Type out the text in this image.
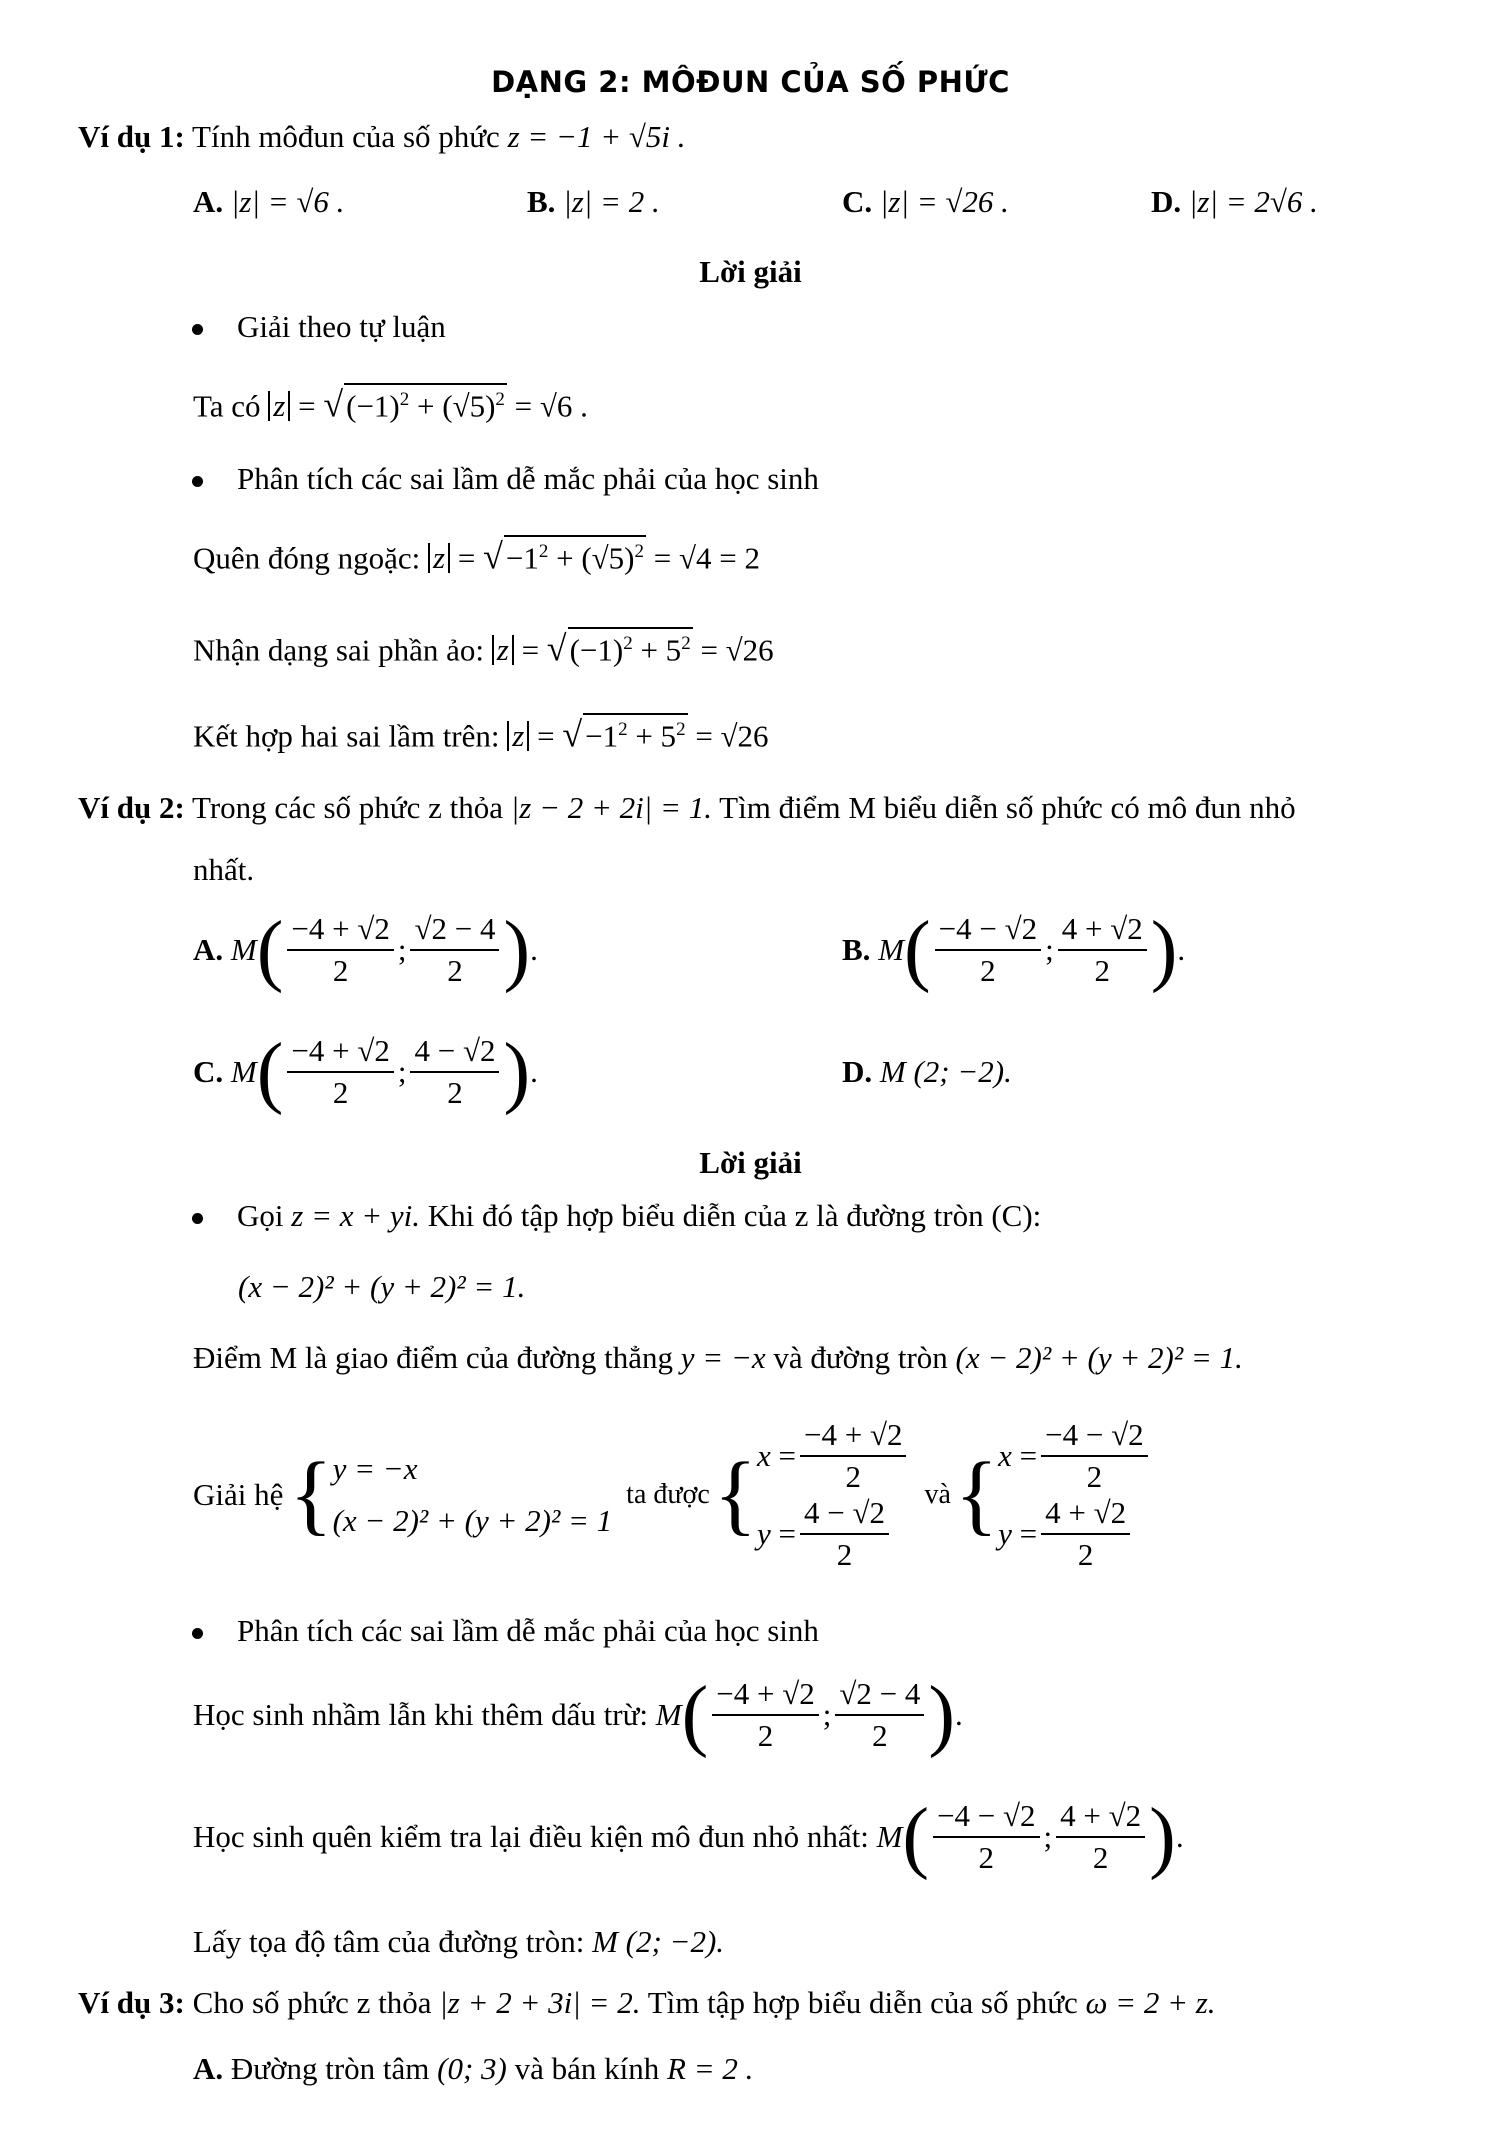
DẠNG 2: MÔĐUN CỦA SỐ PHỨC
Ví dụ 1: Tính môđun của số phức z = −1 + √5i .
A. |z| = √6 .	B. |z| = 2 .	C. |z| = √26 .	D. |z| = 2√6 .
Lời giải
Giải theo tự luận
Ta có $z = √(-1)^2 + (√5)^2 = √6$ .
Phân tích các sai lầm dễ mắc phải của học sinh
Quên đóng ngoặc: $z = √-1^2 + (√5)^2 = √4 = 2$
Nhận dạng sai phần ảo: $z = √(-1)^2 + 5^2 = √26$
Kết hợp hai sai lầm trên: $z = √-1^2 + 5^2 = √26$
Ví dụ 2: Trong các số phức z thỏa |z − 2 + 2i| = 1. Tìm điểm M biểu diễn số phức có mô đun nhỏ
nhất.
A.
M ( $\frac{-4 + √2}{2}$ ; $\frac{√2 - 4}{2}$ ) .	B.
M ( $\frac{-4 - √2}{2}$ ; $\frac{4 + √2}{2}$ ) .
C.
M ( $\frac{-4 + √2}{2}$ ; $\frac{4 - √2}{2}$ ) .	D. M (2; −2).
Lời giải
Gọi z = x + yi. Khi đó tập hợp biểu diễn của z là đường tròn (C):
(x − 2)² + (y + 2)² = 1.
Điểm M là giao điểm của đường thẳng y = −x và đường tròn (x − 2)² + (y + 2)² = 1.
Giải hệ { y = −x
(x − 2)² + (y + 2)² = 1
ta được { $x = \frac{-4 + √2}{2}$
$y = \frac{4 - √2}{2}$
và { $x = \frac{-4 - √2}{2}$
$y = \frac{4 + √2}{2}$
Phân tích các sai lầm dễ mắc phải của học sinh
Học sinh nhầm lẫn khi thêm dấu trừ:
M ( $\frac{-4 + √2}{2}$ ; $\frac{√2 - 4}{2}$ ) .
Học sinh quên kiểm tra lại điều kiện mô đun nhỏ nhất:
M ( $\frac{-4 - √2}{2}$ ; $\frac{4 + √2}{2}$ ) .
Lấy tọa độ tâm của đường tròn: M (2; −2).
Ví dụ 3: Cho số phức z thỏa |z + 2 + 3i| = 2. Tìm tập hợp biểu diễn của số phức ω = 2 + z.
A. Đường tròn tâm (0; 3) và bán kính R = 2 .
